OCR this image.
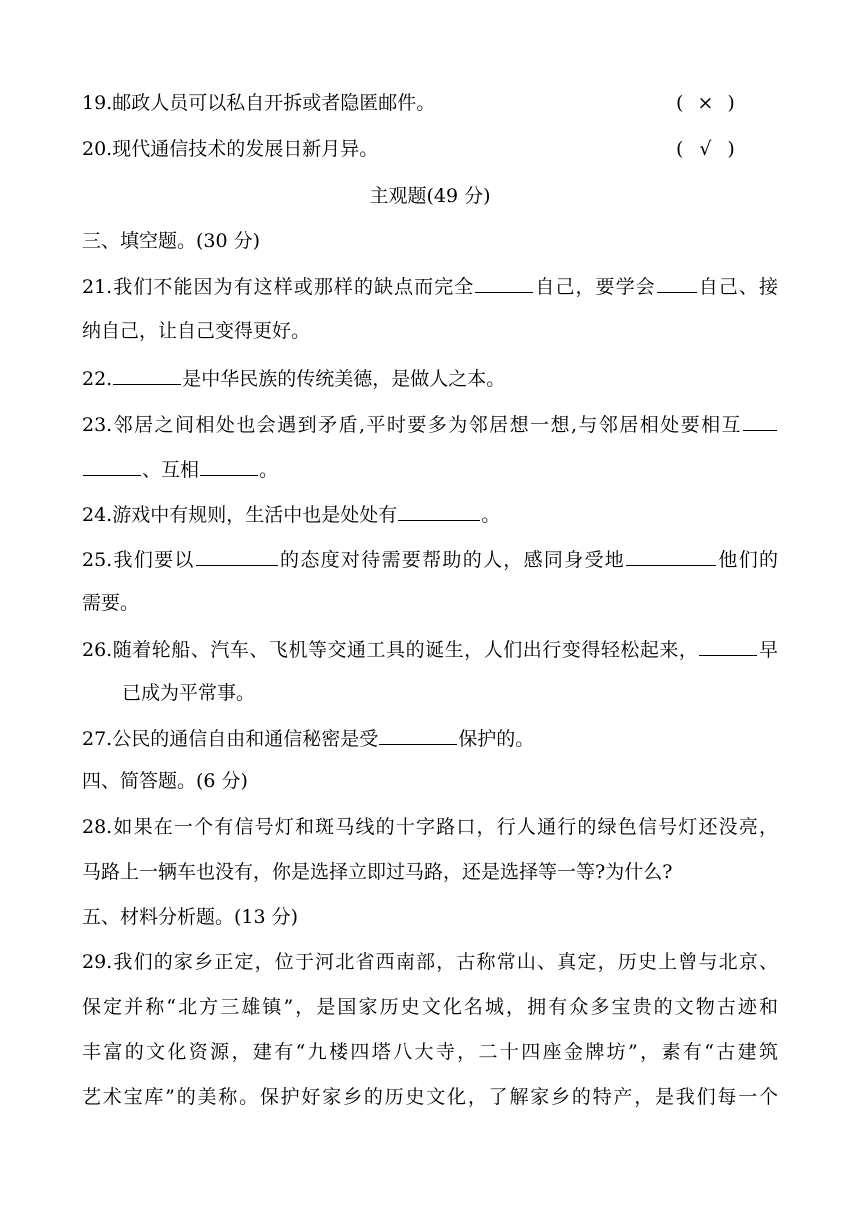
19.邮政人员可以私自开拆或者隐匿邮件。	( × )
20.现代通信技术的发展日新月异。	( √ )
主观题(49 分)
三、填空题。(30 分)
21.我们不能因为有这样或那样的缺点而完全	自己，要学会 自己、接
纳自己，让自己变得更好。
22.	是中华民族的传统美德，是做人之本。
23.邻居之间相处也会遇到矛盾,平时要多为邻居想一想,与邻居相处要相互
、互相	。
24.游戏中有规则，生活中也是处处有	。
25.我们要以	的态度对待需要帮助的人，感同身受地	他们的
需要。
26.随着轮船、汽车、飞机等交通工具的诞生，人们出行变得轻松起来，	早
已成为平常事。
27.公民的通信自由和通信秘密是受	保护的。
四、简答题。(6 分)
28.如果在一个有信号灯和斑马线的十字路口，行人通行的绿色信号灯还没亮，
马路上一辆车也没有，你是选择立即过马路，还是选择等一等?为什么?
五、材料分析题。(13 分)
29.我们的家乡正定，位于河北省西南部，古称常山、真定，历史上曾与北京、
保定并称“北方三雄镇”，是国家历史文化名城，拥有众多宝贵的文物古迹和
丰富的文化资源，建有“九楼四塔八大寺，二十四座金牌坊”，素有“古建筑
艺术宝库”的美称。保护好家乡的历史文化，了解家乡的特产，是我们每一个
